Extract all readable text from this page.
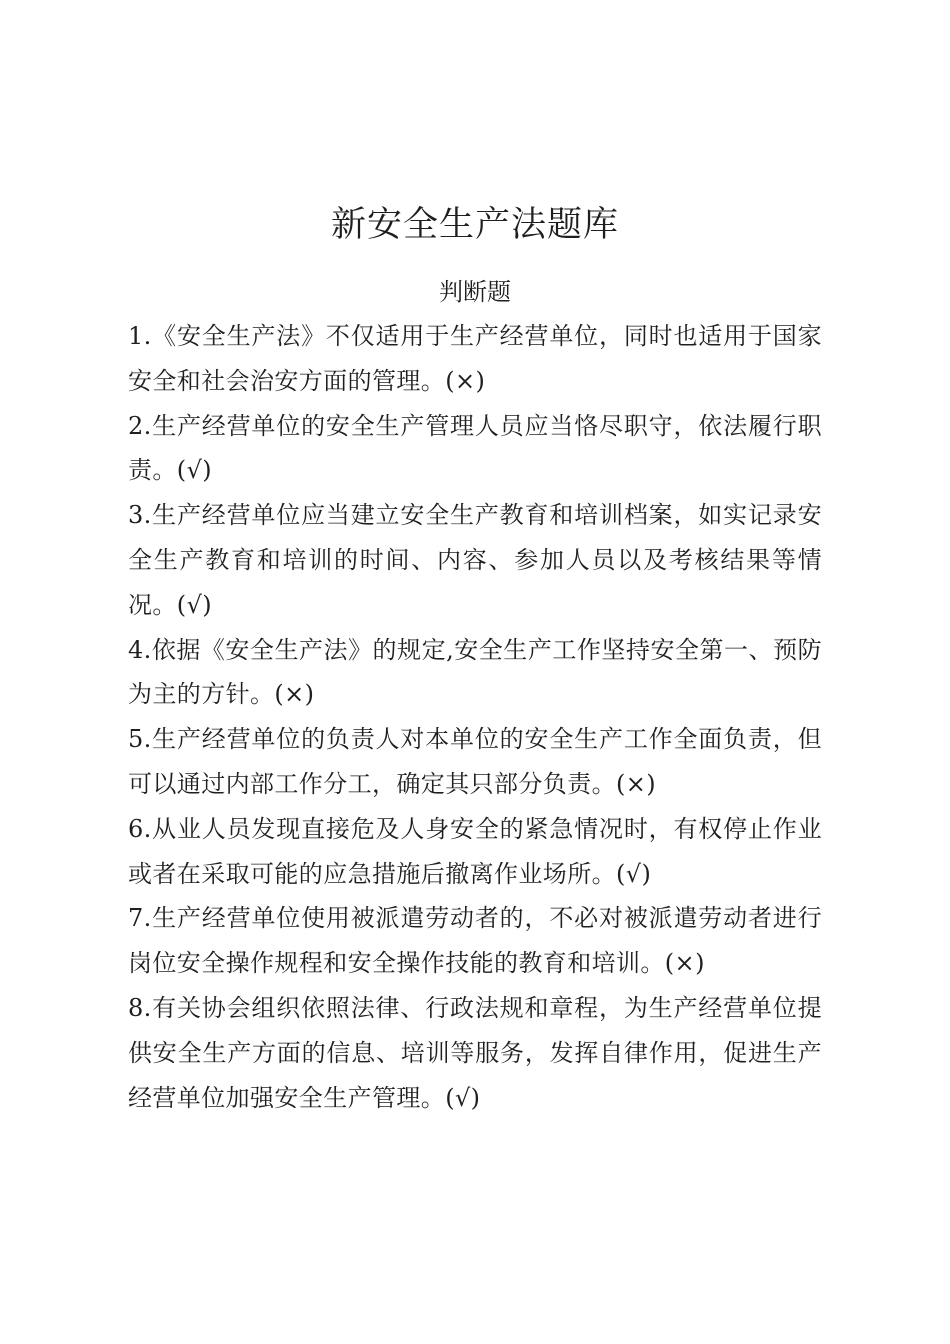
新安全生产法题库
判断题

1.《安全生产法》不仅适用于生产经营单位，同时也适用于国家安全和社会治安方面的管理。(×)

2.生产经营单位的安全生产管理人员应当恪尽职守，依法履行职责。(√)

3.生产经营单位应当建立安全生产教育和培训档案，如实记录安全生产教育和培训的时间、内容、参加人员以及考核结果等情况。(√)

4.依据《安全生产法》的规定,安全生产工作坚持安全第一、预防为主的方针。(×)

5.生产经营单位的负责人对本单位的安全生产工作全面负责，但可以通过内部工作分工，确定其只部分负责。(×)

6.从业人员发现直接危及人身安全的紧急情况时，有权停止作业或者在采取可能的应急措施后撤离作业场所。(√)

7.生产经营单位使用被派遣劳动者的，不必对被派遣劳动者进行岗位安全操作规程和安全操作技能的教育和培训。(×)

8.有关协会组织依照法律、行政法规和章程，为生产经营单位提供安全生产方面的信息、培训等服务，发挥自律作用，促进生产经营单位加强安全生产管理。(√)
